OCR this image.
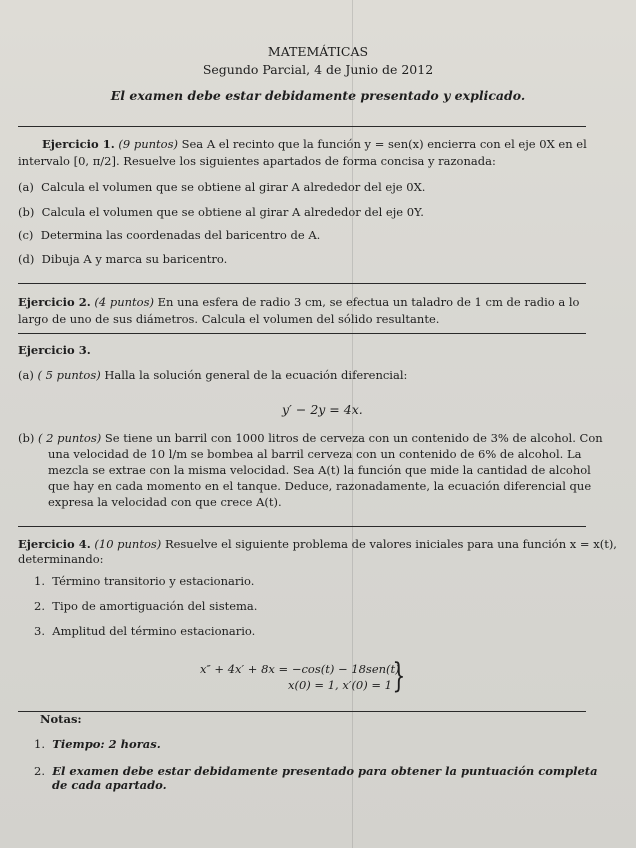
MATEMÁTICAS
Segundo Parcial, 4 de Junio de 2012
El examen debe estar debidamente presentado y explicado.
Ejercicio 1. (9 puntos) Sea A el recinto que la función y = sen(x) encierra con el eje 0X en el
intervalo [0, π/2]. Resuelve los siguientes apartados de forma concisa y razonada:
(a) Calcula el volumen que se obtiene al girar A alrededor del eje 0X.
(b) Calcula el volumen que se obtiene al girar A alrededor del eje 0Y.
(c) Determina las coordenadas del baricentro de A.
(d) Dibuja A y marca su baricentro.
Ejercicio 2. (4 puntos) En una esfera de radio 3 cm, se efectua un taladro de 1 cm de radio a lo
largo de uno de sus diámetros. Calcula el volumen del sólido resultante.
Ejercicio 3.
(a) ( 5 puntos) Halla la solución general de la ecuación diferencial:
y′ − 2y = 4x.
(b) ( 2 puntos) Se tiene un barril con 1000 litros de cerveza con un contenido de 3% de alcohol. Con
una velocidad de 10 l/m se bombea al barril cerveza con un contenido de 6% de alcohol. La
mezcla se extrae con la misma velocidad. Sea A(t) la función que mide la cantidad de alcohol
que hay en cada momento en el tanque. Deduce, razonadamente, la ecuación diferencial que
expresa la velocidad con que crece A(t).
Ejercicio 4. (10 puntos) Resuelve el siguiente problema de valores iniciales para una función x = x(t),
determinando:
1. Término transitorio y estacionario.
2. Tipo de amortiguación del sistema.
3. Amplitud del término estacionario.
x″ + 4x′ + 8x = −cos(t) − 18sen(t)
x(0) = 1, x′(0) = 1 }
Notas:
1. Tiempo: 2 horas.
2. El examen debe estar debidamente presentado para obtener la puntuación completa
de cada apartado.
